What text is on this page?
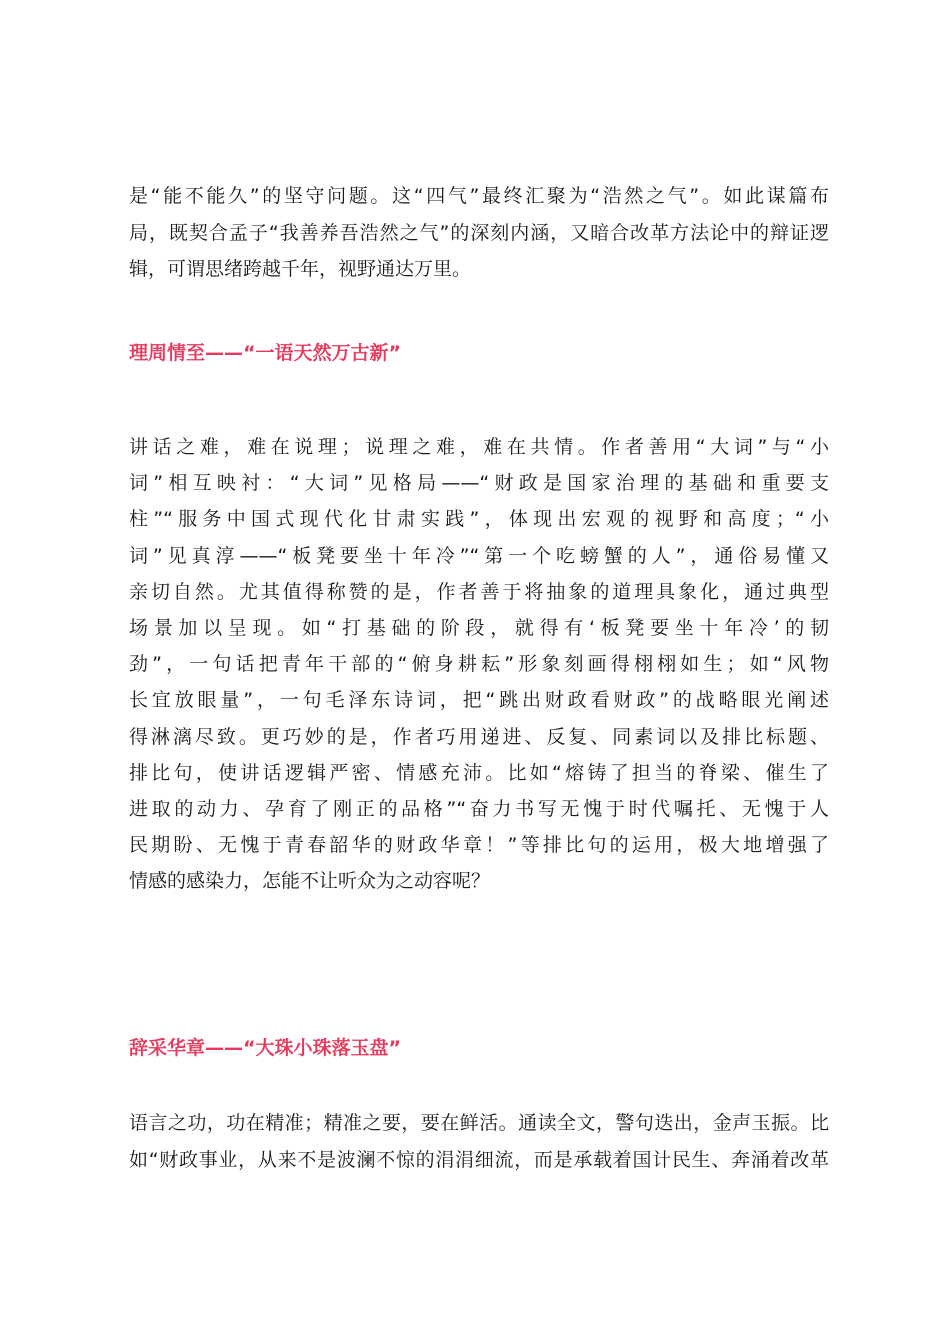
是“能不能久”的坚守问题。这“四气”最终汇聚为“浩然之气”。如此谋篇布
局，既契合孟子“我善养吾浩然之气”的深刻内涵，又暗合改革方法论中的辩证逻
辑，可谓思绪跨越千年，视野通达万里。
理周情至——“一语天然万古新”
讲话之难，难在说理；说理之难，难在共情。作者善用“大词”与“小
词”相互映衬：“大词”见格局——“财政是国家治理的基础和重要支
柱”“服务中国式现代化甘肃实践”，体现出宏观的视野和高度；“小
词”见真淳——“板凳要坐十年冷”“第一个吃螃蟹的人”，通俗易懂又
亲切自然。尤其值得称赞的是，作者善于将抽象的道理具象化，通过典型
场景加以呈现。如“打基础的阶段，就得有‘板凳要坐十年冷’的韧
劲”，一句话把青年干部的“俯身耕耘”形象刻画得栩栩如生；如“风物
长宜放眼量”，一句毛泽东诗词，把“跳出财政看财政”的战略眼光阐述
得淋漓尽致。更巧妙的是，作者巧用递进、反复、同素词以及排比标题、
排比句，使讲话逻辑严密、情感充沛。比如“熔铸了担当的脊梁、催生了
进取的动力、孕育了刚正的品格”“奋力书写无愧于时代嘱托、无愧于人
民期盼、无愧于青春韶华的财政华章！”等排比句的运用，极大地增强了
情感的感染力，怎能不让听众为之动容呢？
辞采华章——“大珠小珠落玉盘”
语言之功，功在精准；精准之要，要在鲜活。通读全文，警句迭出，金声玉振。比
如“财政事业，从来不是波澜不惊的涓涓细流，而是承载着国计民生、奔涌着改革
